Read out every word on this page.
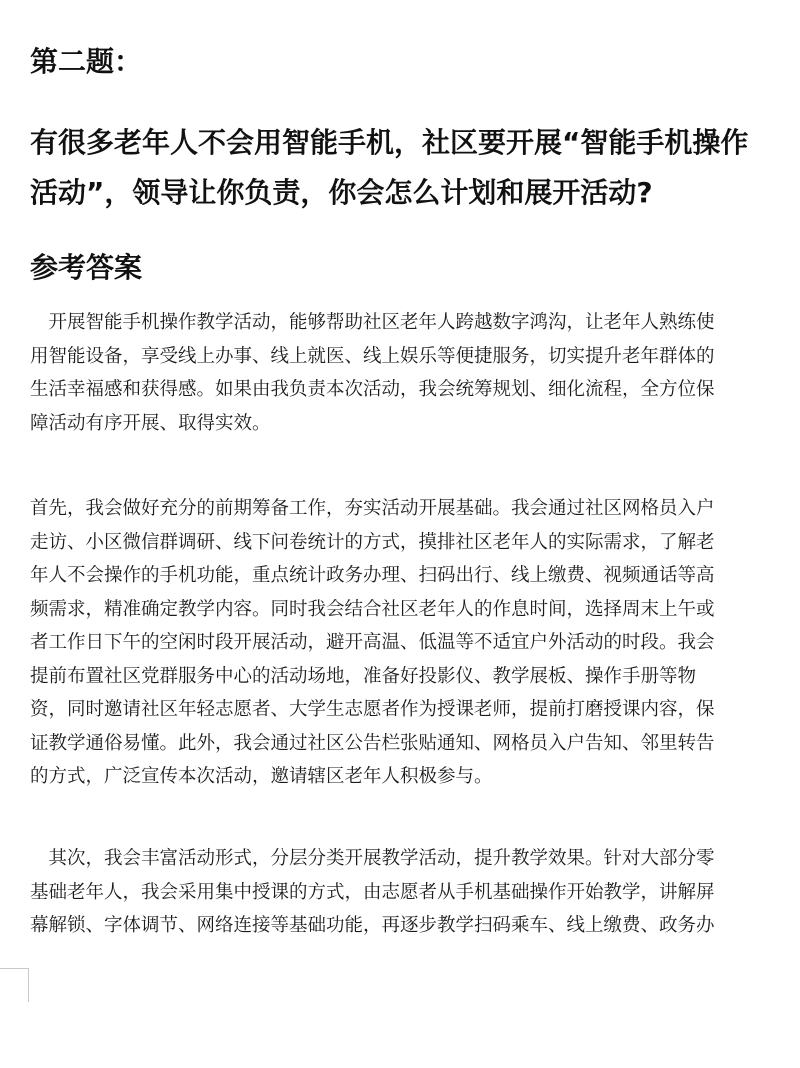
第二题：
有很多老年人不会用智能手机，社区要开展“智能手机操作
活动”，领导让你负责，你会怎么计划和展开活动?
参考答案
　开展智能手机操作教学活动，能够帮助社区老年人跨越数字鸿沟，让老年人熟练使
用智能设备，享受线上办事、线上就医、线上娱乐等便捷服务，切实提升老年群体的
生活幸福感和获得感。如果由我负责本次活动，我会统筹规划、细化流程，全方位保
障活动有序开展、取得实效。
首先，我会做好充分的前期筹备工作，夯实活动开展基础。我会通过社区网格员入户
走访、小区微信群调研、线下问卷统计的方式，摸排社区老年人的实际需求，了解老
年人不会操作的手机功能，重点统计政务办理、扫码出行、线上缴费、视频通话等高
频需求，精准确定教学内容。同时我会结合社区老年人的作息时间，选择周末上午或
者工作日下午的空闲时段开展活动，避开高温、低温等不适宜户外活动的时段。我会
提前布置社区党群服务中心的活动场地，准备好投影仪、教学展板、操作手册等物
资，同时邀请社区年轻志愿者、大学生志愿者作为授课老师，提前打磨授课内容，保
证教学通俗易懂。此外，我会通过社区公告栏张贴通知、网格员入户告知、邻里转告
的方式，广泛宣传本次活动，邀请辖区老年人积极参与。
　其次，我会丰富活动形式，分层分类开展教学活动，提升教学效果。针对大部分零
基础老年人，我会采用集中授课的方式，由志愿者从手机基础操作开始教学，讲解屏
幕解锁、字体调节、网络连接等基础功能，再逐步教学扫码乘车、线上缴费、政务办
